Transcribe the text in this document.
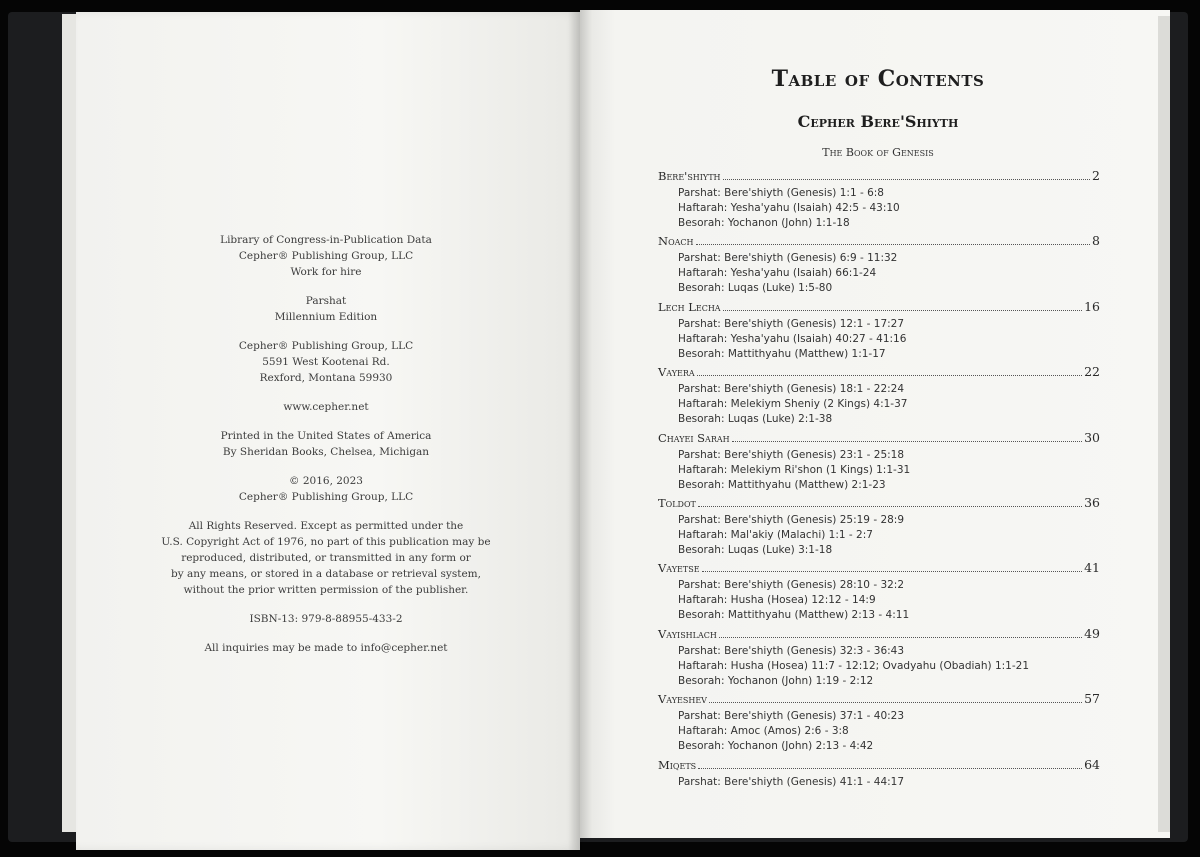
Library of Congress-in-Publication Data
Cepher® Publishing Group, LLC
Work for hire
Parshat
Millennium Edition
Cepher® Publishing Group, LLC
5591 West Kootenai Rd.
Rexford, Montana 59930
www.cepher.net
Printed in the United States of America
By Sheridan Books, Chelsea, Michigan
© 2016, 2023
Cepher® Publishing Group, LLC
All Rights Reserved. Except as permitted under the
U.S. Copyright Act of 1976, no part of this publication may be
reproduced, distributed, or transmitted in any form or
by any means, or stored in a database or retrieval system,
without the prior written permission of the publisher.
ISBN-13: 979-8-88955-433-2
All inquiries may be made to info@cepher.net
Table of Contents
Cepher Bere'Shiyth
The Book of Genesis
Bere'shiyth	2
Parshat: Bere'shiyth (Genesis) 1:1 - 6:8
Haftarah: Yesha'yahu (Isaiah) 42:5 - 43:10
Besorah: Yochanon (John) 1:1-18
Noach	8
Parshat: Bere'shiyth (Genesis) 6:9 - 11:32
Haftarah: Yesha'yahu (Isaiah) 66:1-24
Besorah: Luqas (Luke) 1:5-80
Lech Lecha	16
Parshat: Bere'shiyth (Genesis) 12:1 - 17:27
Haftarah: Yesha'yahu (Isaiah) 40:27 - 41:16
Besorah: Mattithyahu (Matthew) 1:1-17
Vayera	22
Parshat: Bere'shiyth (Genesis) 18:1 - 22:24
Haftarah: Melekiym Sheniy (2 Kings) 4:1-37
Besorah: Luqas (Luke) 2:1-38
Chayei Sarah	30
Parshat: Bere'shiyth (Genesis) 23:1 - 25:18
Haftarah: Melekiym Ri'shon (1 Kings) 1:1-31
Besorah: Mattithyahu (Matthew) 2:1-23
Toldot	36
Parshat: Bere'shiyth (Genesis) 25:19 - 28:9
Haftarah: Mal'akiy (Malachi) 1:1 - 2:7
Besorah: Luqas (Luke) 3:1-18
Vayetse	41
Parshat: Bere'shiyth (Genesis) 28:10 - 32:2
Haftarah: Husha (Hosea) 12:12 - 14:9
Besorah: Mattithyahu (Matthew) 2:13 - 4:11
Vayishlach	49
Parshat: Bere'shiyth (Genesis) 32:3 - 36:43
Haftarah: Husha (Hosea) 11:7 - 12:12; Ovadyahu (Obadiah) 1:1-21
Besorah: Yochanon (John) 1:19 - 2:12
Vayeshev	57
Parshat: Bere'shiyth (Genesis) 37:1 - 40:23
Haftarah: Amoc (Amos) 2:6 - 3:8
Besorah: Yochanon (John) 2:13 - 4:42
Miqets	64
Parshat: Bere'shiyth (Genesis) 41:1 - 44:17
